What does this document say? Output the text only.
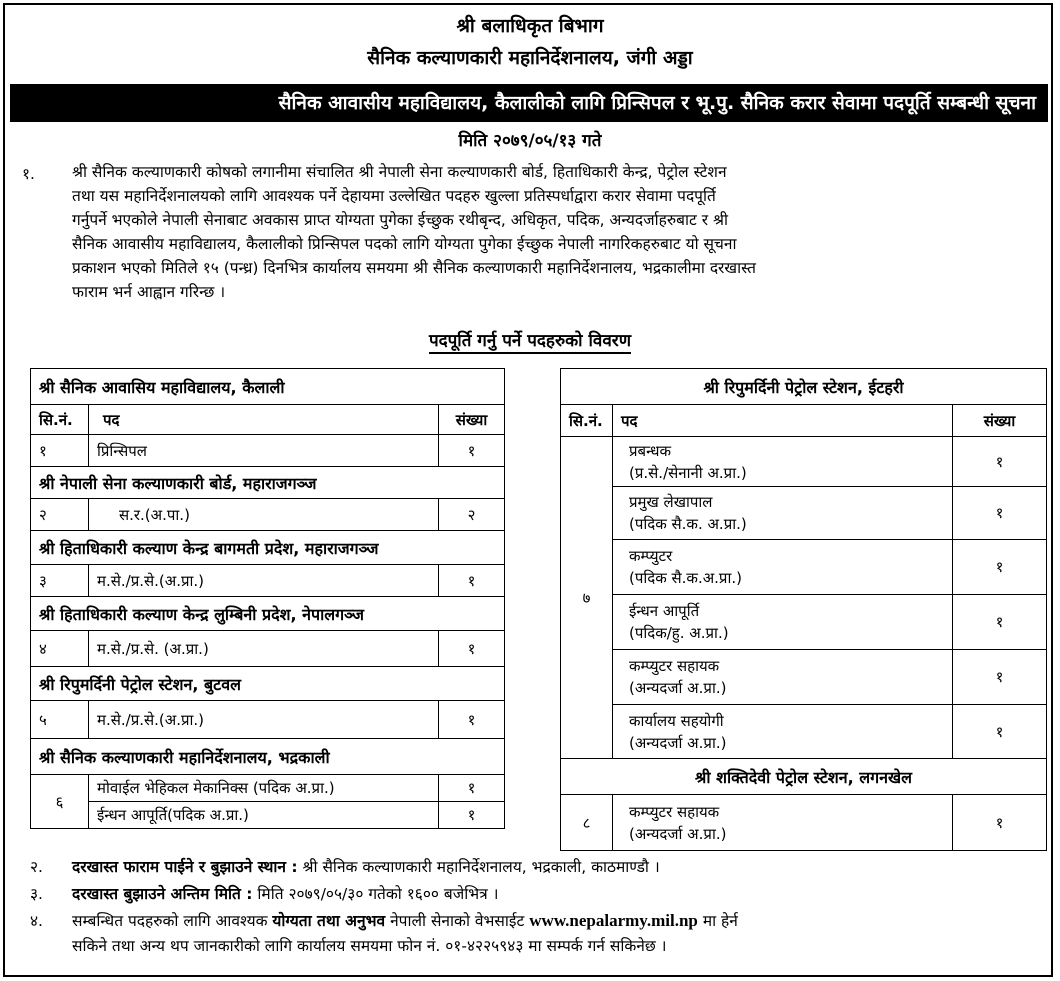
श्री बलाधिकृत बिभाग
सैनिक कल्याणकारी महानिर्देशनालय, जंगी अड्डा
सैनिक आवासीय महाविद्यालय, कैलालीको लागि प्रिन्सिपल र भू.पु. सैनिक करार सेवामा पदपूर्ति सम्बन्धी सूचना
मिति २०७९/०५/१३ गते
१. श्री सैनिक कल्याणकारी कोषको लगानीमा संचालित श्री नेपाली सेना कल्याणकारी बोर्ड, हिताधिकारी केन्द्र, पेट्रोल स्टेशन
तथा यस महानिर्देशनालयको लागि आवश्यक पर्ने देहायमा उल्लेखित पदहरु खुल्ला प्रतिस्पर्धाद्वारा करार सेवामा पदपूर्ति
गर्नुपर्ने भएकोले नेपाली सेनाबाट अवकास प्राप्त योग्यता पुगेका ईच्छुक रथीबृन्द, अधिकृत, पदिक, अन्यदर्जाहरुबाट र श्री
सैनिक आवासीय महाविद्यालय, कैलालीको प्रिन्सिपल पदको लागि योग्यता पुगेका ईच्छुक नेपाली नागरिकहरुबाट यो सूचना
प्रकाशन भएको मितिले १५ (पन्ध्र) दिनभित्र कार्यालय समयमा श्री सैनिक कल्याणकारी महानिर्देशनालय, भद्रकालीमा दरखास्त
फाराम भर्न आह्वान गरिन्छ ।
पदपूर्ति गर्नु पर्ने पदहरुको विवरण
श्री सैनिक आवासिय महाविद्यालय, कैलाली		
सि.नं.	पद	संख्या
१	प्रिन्सिपल	१
श्री नेपाली सेना कल्याणकारी बोर्ड, महाराजगञ्ज		
२	स.र.(अ.पा.)	२
श्री हिताधिकारी कल्याण केन्द्र बागमती प्रदेश, महाराजगञ्ज		
३	म.से./प्र.से.(अ.प्रा.)	१
श्री हिताधिकारी कल्याण केन्द्र लुम्बिनी प्रदेश, नेपालगञ्ज		
४	म.से./प्र.से. (अ.प्रा.)	१
श्री रिपुमर्दिनी पेट्रोल स्टेशन, बुटवल		
५	म.से./प्र.से.(अ.प्रा.)	१
श्री सैनिक कल्याणकारी महानिर्देशनालय, भद्रकाली		
६	मोवाईल भेहिकल मेकानिक्स (पदिक अ.प्रा.)	१
	ईन्धन आपूर्ति(पदिक अ.प्रा.)	१
श्री रिपुमर्दिनी पेट्रोल स्टेशन, ईटहरी		
सि.नं.	पद	संख्या
७	प्रबन्धक
(प्र.से./सेनानी अ.प्रा.)	१

	प्रमुख लेखापाल
(पदिक सै.क. अ.प्रा.)	१

	कम्प्युटर
(पदिक सै.क.अ.प्रा.)	१

	ईन्धन आपूर्ति
(पदिक/हु. अ.प्रा.)	१

	कम्प्युटर सहायक
(अन्यदर्जा अ.प्रा.)	१

	कार्यालय सहयोगी
(अन्यदर्जा अ.प्रा.)	१
श्री शक्तिदेवी पेट्रोल स्टेशन, लगनखेल		
८	कम्प्युटर सहायक
(अन्यदर्जा अ.प्रा.)	१
२. दरखास्त फाराम पाईने र बुझाउने स्थान : श्री सैनिक कल्याणकारी महानिर्देशनालय, भद्रकाली, काठमाण्डौ ।
३. दरखास्त बुझाउने अन्तिम मिति : मिति २०७९/०५/३० गतेको १६०० बजेभित्र ।
४. सम्बन्धित पदहरुको लागि आवश्यक योग्यता तथा अनुभव नेपाली सेनाको वेभसाईट www.nepalarmy.mil.np मा हेर्न
सकिने तथा अन्य थप जानकारीको लागि कार्यालय समयमा फोन नं. ०१-४२२५९४३ मा सम्पर्क गर्न सकिनेछ ।
